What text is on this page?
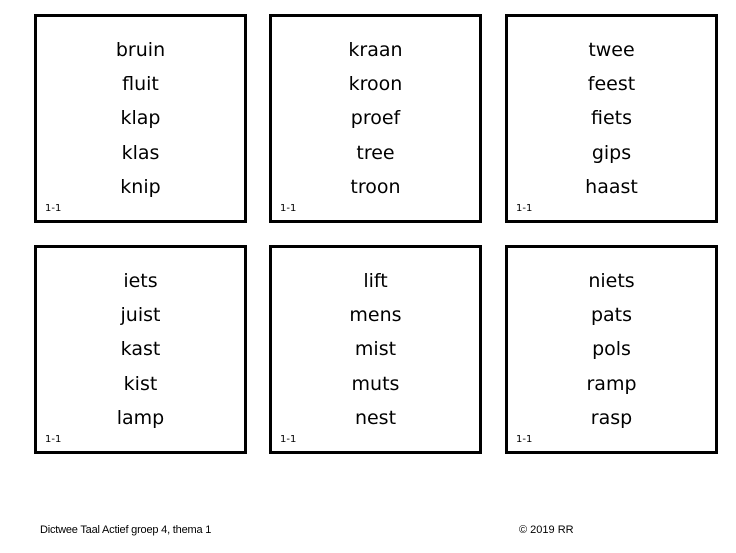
bruin
fluit
klap
klas
knip
1-1
kraan
kroon
proef
tree
troon
1-1
twee
feest
fiets
gips
haast
1-1
iets
juist
kast
kist
lamp
1-1
lift
mens
mist
muts
nest
1-1
niets
pats
pols
ramp
rasp
1-1
Dictwee Taal Actief groep 4, thema 1	© 2019 RR
